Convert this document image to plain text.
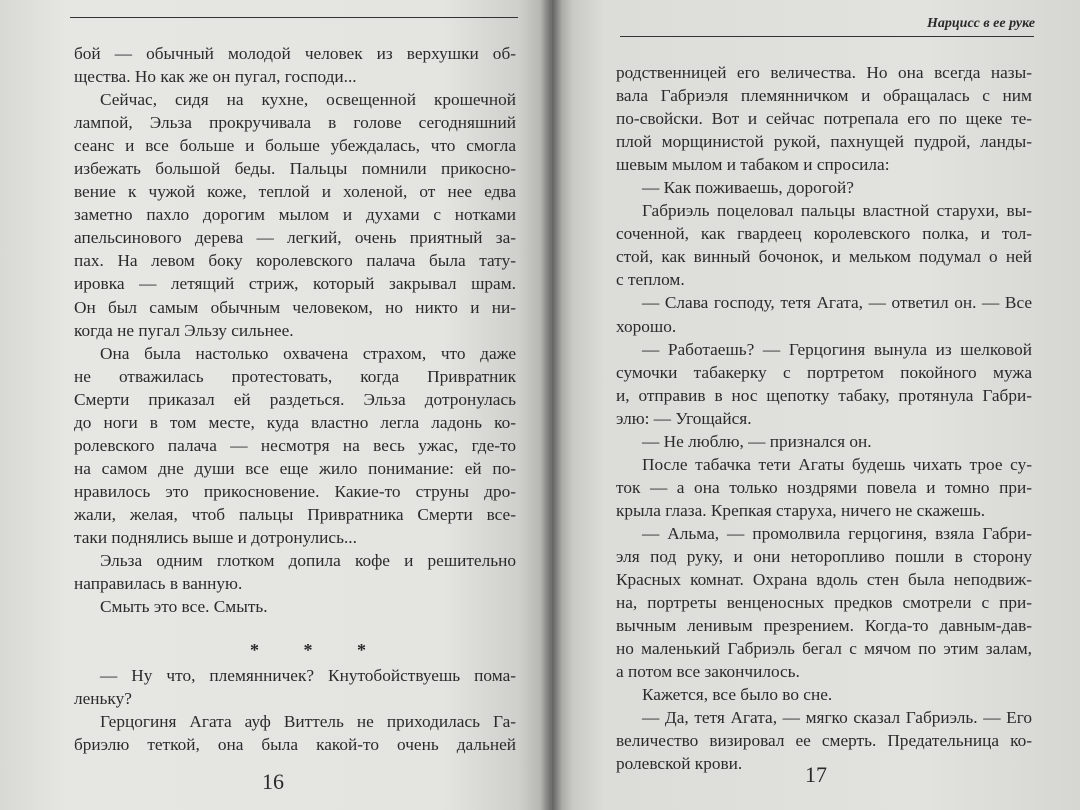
бой — обычный молодой человек из верхушки об-
щества. Но как же он пугал, господи...
Сейчас, сидя на кухне, освещенной крошечной
лампой, Эльза прокручивала в голове сегодняшний
сеанс и все больше и больше убеждалась, что смогла
избежать большой беды. Пальцы помнили прикосно-
вение к чужой коже, теплой и холеной, от нее едва
заметно пахло дорогим мылом и духами с нотками
апельсинового дерева — легкий, очень приятный за-
пах. На левом боку королевского палача была тату-
ировка — летящий стриж, который закрывал шрам.
Он был самым обычным человеком, но никто и ни-
когда не пугал Эльзу сильнее.
Она была настолько охвачена страхом, что даже
не отважилась протестовать, когда Привратник
Смерти приказал ей раздеться. Эльза дотронулась
до ноги в том месте, куда властно легла ладонь ко-
ролевского палача — несмотря на весь ужас, где-то
на самом дне души все еще жило понимание: ей по-
нравилось это прикосновение. Какие-то струны дро-
жали, желая, чтоб пальцы Привратника Смерти все-
таки поднялись выше и дотронулись...
Эльза одним глотком допила кофе и решительно
направилась в ванную.
Смыть это все. Смыть.
— Ну что, племянничек? Кнутобойствуешь пома-
леньку?
Герцогиня Агата ауф Виттель не приходилась Га-
бриэлю теткой, она была какой-то очень дальней
* * *
16
Нарцисс в ее руке
родственницей его величества. Но она всегда назы-
вала Габриэля племянничком и обращалась с ним
по-свойски. Вот и сейчас потрепала его по щеке те-
плой морщинистой рукой, пахнущей пудрой, ланды-
шевым мылом и табаком и спросила:
— Как поживаешь, дорогой?
Габриэль поцеловал пальцы властной старухи, вы-
соченной, как гвардеец королевского полка, и тол-
стой, как винный бочонок, и мельком подумал о ней
с теплом.
— Слава господу, тетя Агата, — ответил он. — Все
хорошо.
— Работаешь? — Герцогиня вынула из шелковой
сумочки табакерку с портретом покойного мужа
и, отправив в нос щепотку табаку, протянула Габри-
элю: — Угощайся.
— Не люблю, — признался он.
После табачка тети Агаты будешь чихать трое су-
ток — а она только ноздрями повела и томно при-
крыла глаза. Крепкая старуха, ничего не скажешь.
— Альма, — промолвила герцогиня, взяла Габри-
эля под руку, и они неторопливо пошли в сторону
Красных комнат. Охрана вдоль стен была неподвиж-
на, портреты венценосных предков смотрели с при-
вычным ленивым презрением. Когда-то давным-дав-
но маленький Габриэль бегал с мячом по этим залам,
а потом все закончилось.
Кажется, все было во сне.
— Да, тетя Агата, — мягко сказал Габриэль. — Его
величество визировал ее смерть. Предательница ко-
ролевской крови.	17
